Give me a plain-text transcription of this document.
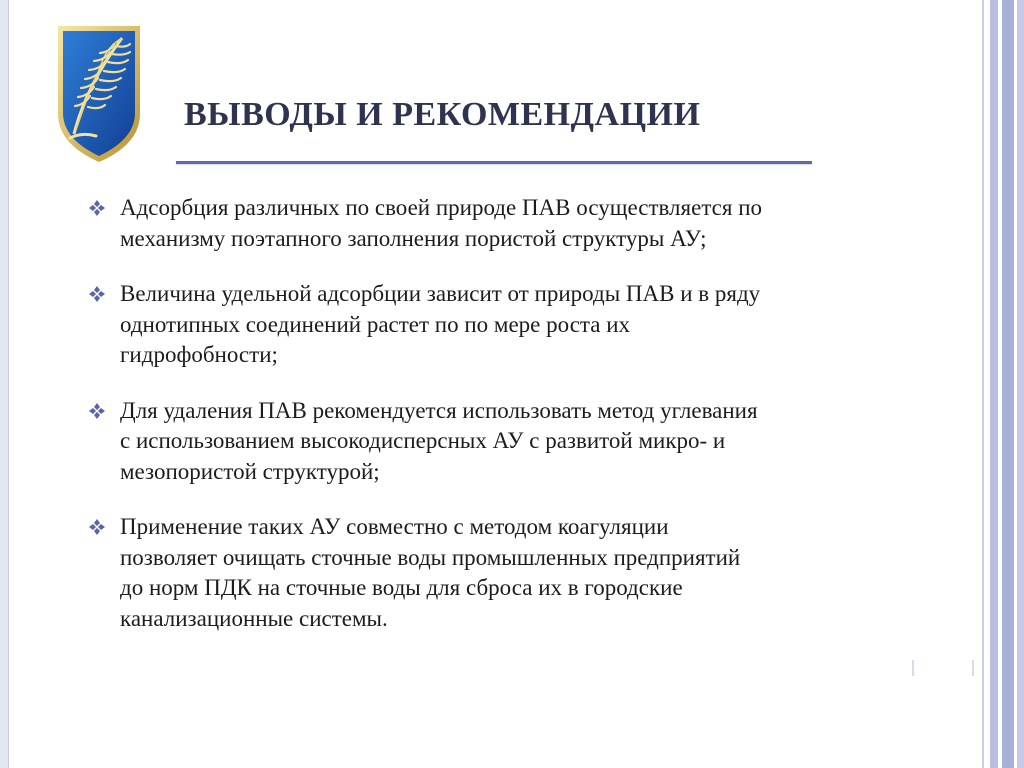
ВЫВОДЫ И РЕКОМЕНДАЦИИ
Адсорбция различных по своей природе ПАВ осуществляется по
механизму поэтапного заполнения пористой структуры АУ;
Величина удельной адсорбции зависит от природы ПАВ и в ряду
однотипных соединений растет по по мере роста их
гидрофобности;
Для удаления ПАВ рекомендуется использовать метод углевания
с использованием высокодисперсных АУ с развитой микро- и
мезопористой структурой;
Применение таких АУ совместно с методом коагуляции
позволяет очищать сточные воды промышленных предприятий
до норм ПДК на сточные воды для сброса их в городские
канализационные системы.
